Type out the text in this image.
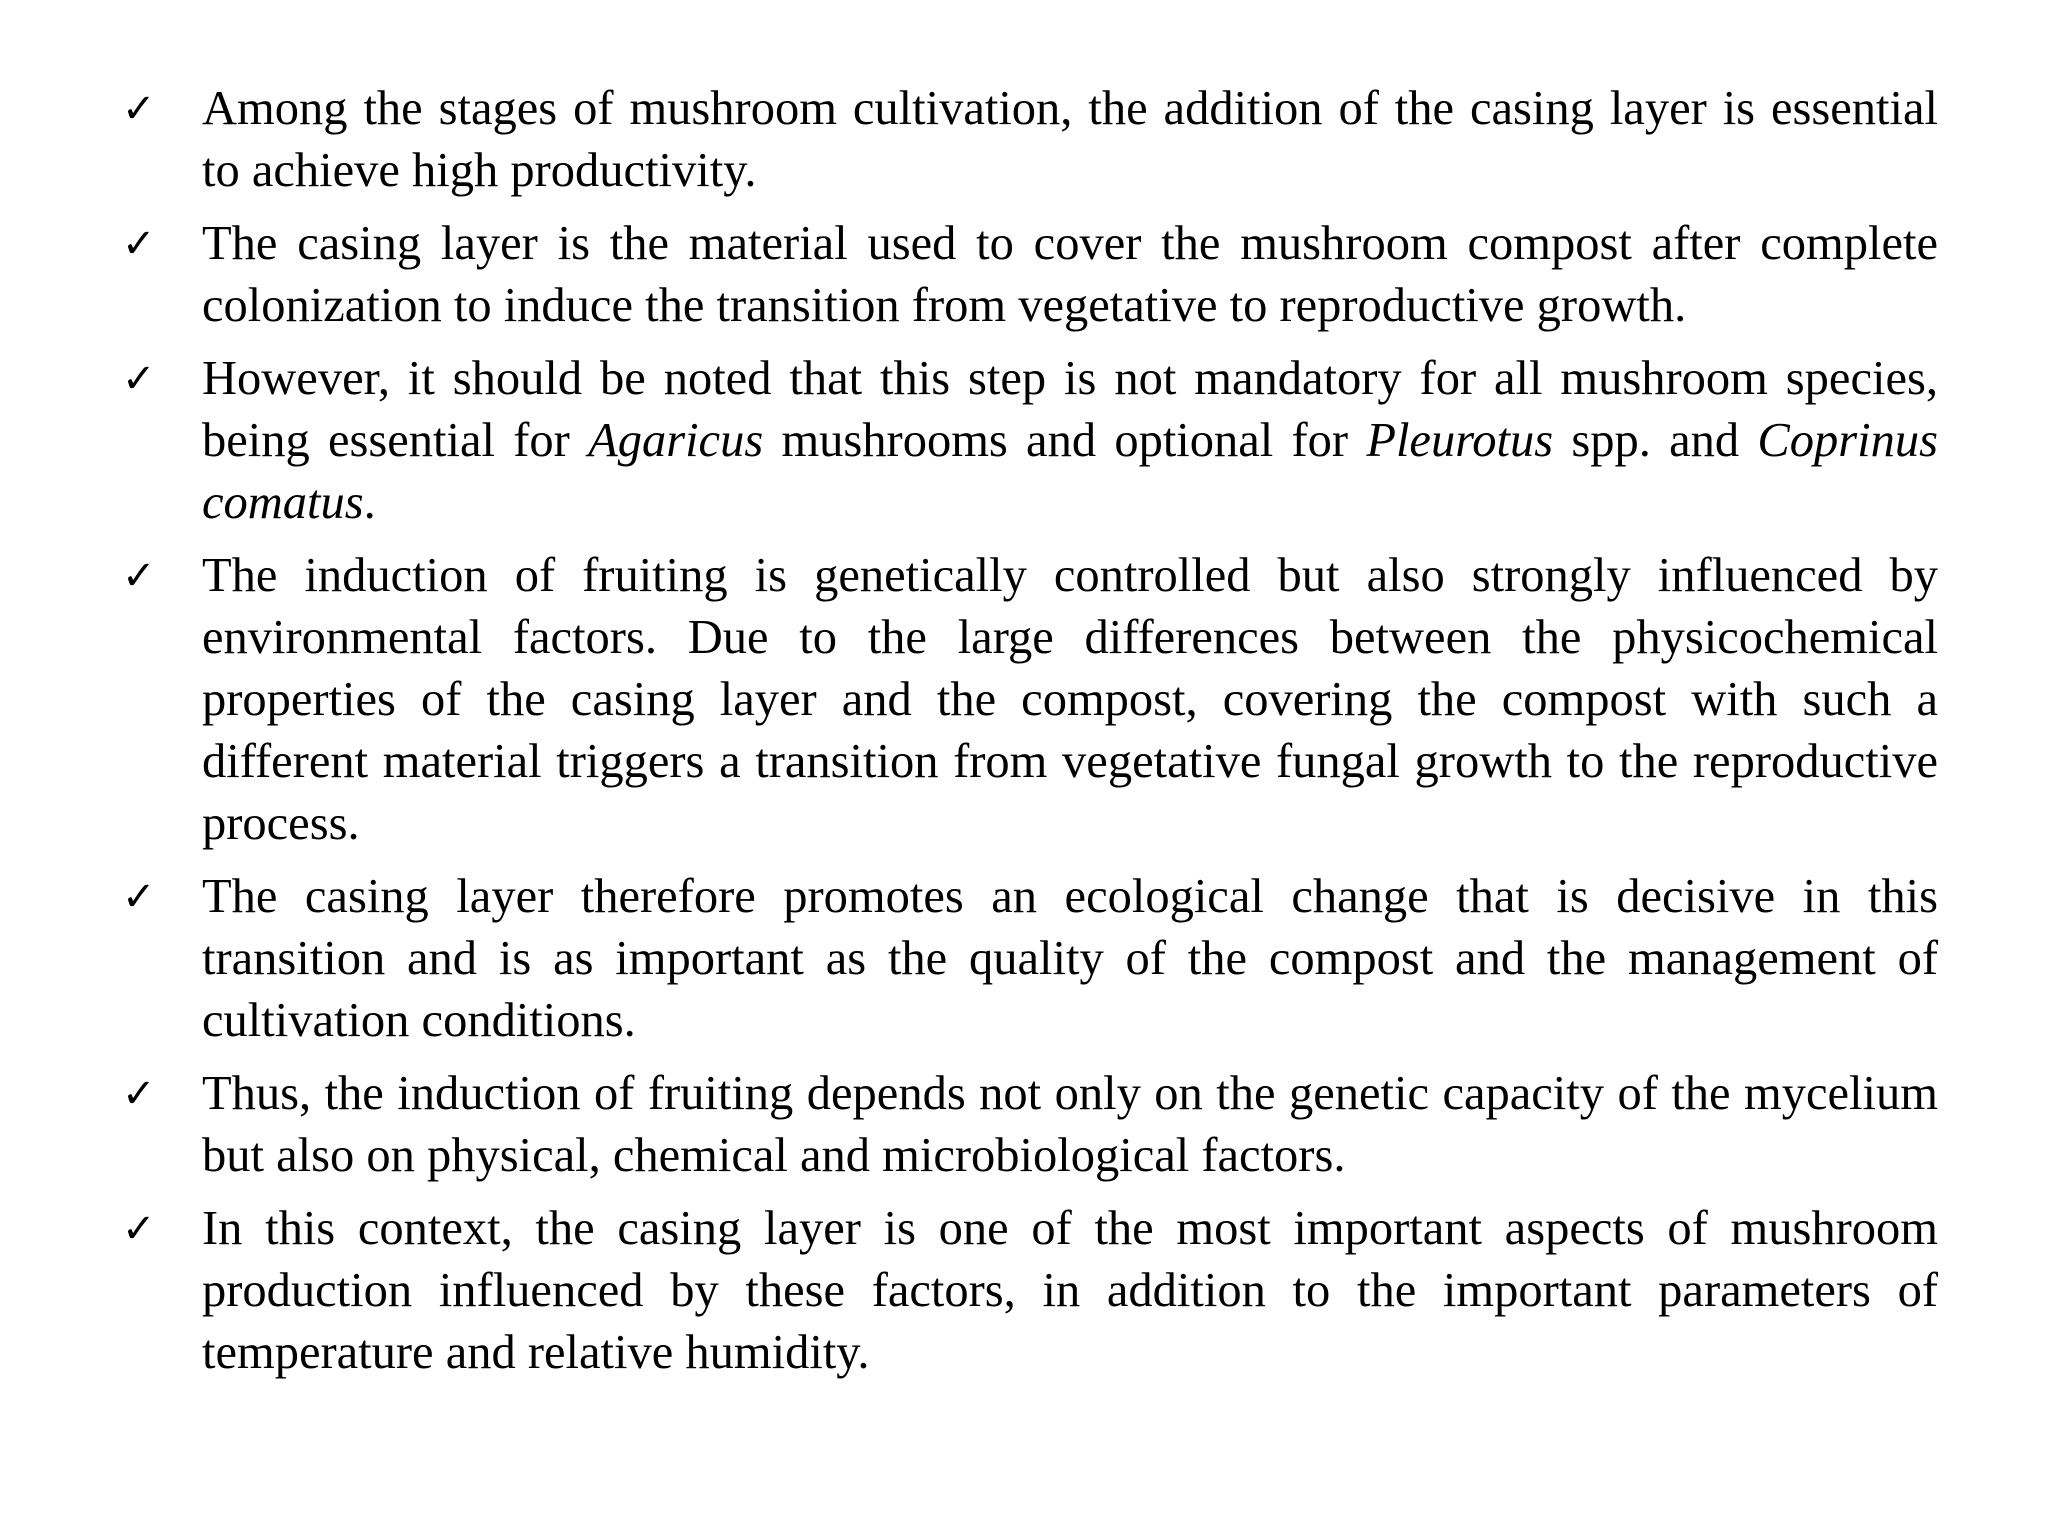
✓ Among the stages of mushroom cultivation, the addition of the casing layer is essential to achieve high productivity.
✓ The casing layer is the material used to cover the mushroom compost after complete colonization to induce the transition from vegetative to reproductive growth.
✓ However, it should be noted that this step is not mandatory for all mushroom species, being essential for Agaricus mushrooms and optional for Pleurotus spp. and Coprinus comatus.
✓ The induction of fruiting is genetically controlled but also strongly influenced by environmental factors. Due to the large differences between the physicochemical properties of the casing layer and the compost, covering the compost with such a different material triggers a transition from vegetative fungal growth to the reproductive process.
✓ The casing layer therefore promotes an ecological change that is decisive in this transition and is as important as the quality of the compost and the management of cultivation conditions.
✓ Thus, the induction of fruiting depends not only on the genetic capacity of the mycelium but also on physical, chemical and microbiological factors.
✓ In this context, the casing layer is one of the most important aspects of mushroom production influenced by these factors, in addition to the important parameters of temperature and relative humidity.
